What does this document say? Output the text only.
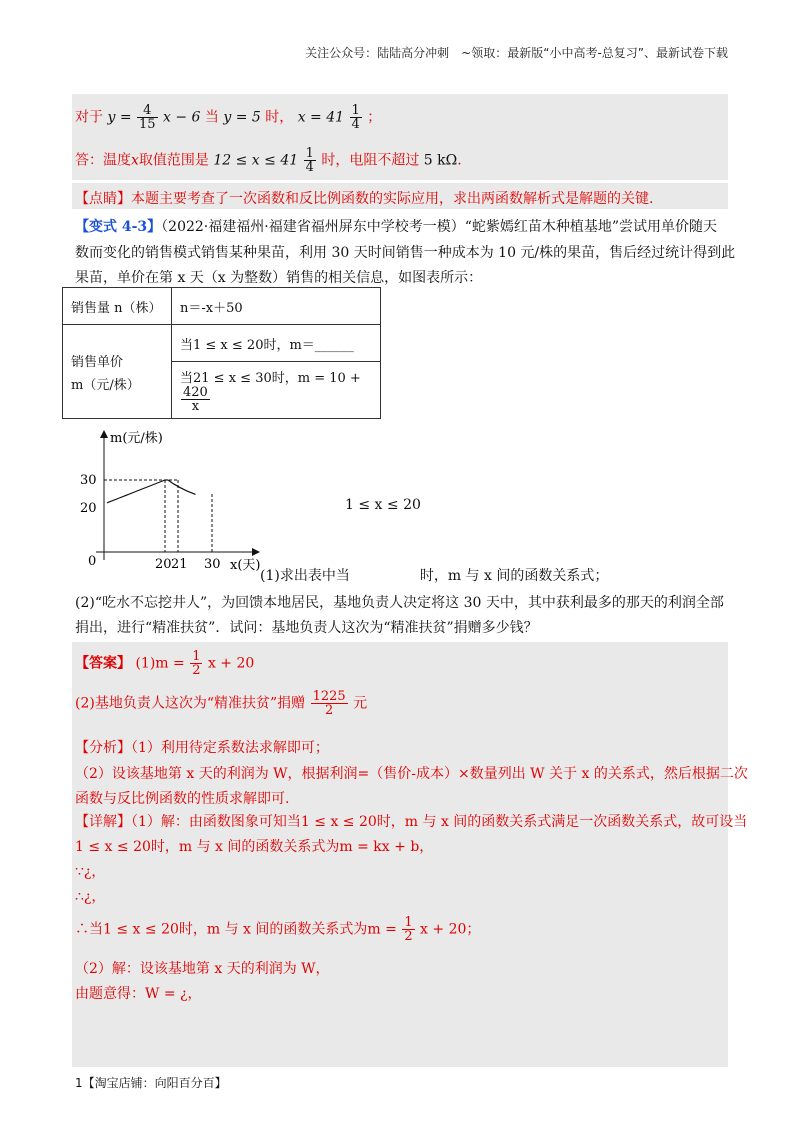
关注公众号：陆陆高分冲刺　~领取：最新版“小中高考-总复习”、最新试卷下载
对于 $y = \frac{4}{15}$ x − 6 当 y = 5 时， $x = 41 \frac{1}{4}$ ；
答：温度x取值范围是 $12 \le x \le 41 \frac{1}{4}$ 时，电阻不超过 5 kΩ.
【点睛】本题主要考查了一次函数和反比例函数的实际应用，求出两函数解析式是解题的关键.
【变式 4-3】（2022·福建福州·福建省福州屏东中学校考一模）“蛇紫嫣红苗木种植基地”尝试用单价随天
数而变化的销售模式销售某种果苗，利用 30 天时间销售一种成本为 10 元/株的果苗，售后经过统计得到此
果苗，单价在第 x 天（x 为整数）销售的相关信息，如图表所示：
销售量 n（株）	n＝-x＋50

销售单价
m（元/株）	当1 ≤ x ≤ 20时，m＝______
	当21 ≤ x ≤ 30时，m = 10 +
$\frac{420}{x}$
m(元/株)
x(天)
0
30
20
20 21 30
1 ≤ x ≤ 20
(1)求出表中当　　　　　时，m 与 x 间的函数关系式；
(2)“吃水不忘挖井人”，为回馈本地居民，基地负责人决定将这 30 天中，其中获利最多的那天的利润全部
捐出，进行“精准扶贫”．试问：基地负责人这次为“精准扶贫”捐赠多少钱？
【答案】 $(1)m = \frac{1}{2}$ x + 20
(2)基地负责人这次为“精准扶贫”捐赠 $\frac{1225}{2}$ 元
【分析】（1）利用待定系数法求解即可；
（2）设该基地第 x 天的利润为 W，根据利润=（售价-成本）×数量列出 W 关于 x 的关系式，然后根据二次
函数与反比例函数的性质求解即可.
【详解】（1）解：由函数图象可知当1 ≤ x ≤ 20时，m 与 x 间的函数关系式满足一次函数关系式，故可设当
1 ≤ x ≤ 20时，m 与 x 间的函数关系式为m = kx + b，
∵¿，
∴¿，
∴当1 ≤ x ≤ 20时，m 与 x 间的函数关系式为$m = \frac{1}{2}$ x + 20；
（2）解：设该基地第 x 天的利润为 W，
由题意得：W = ¿，
1【淘宝店铺：向阳百分百】
